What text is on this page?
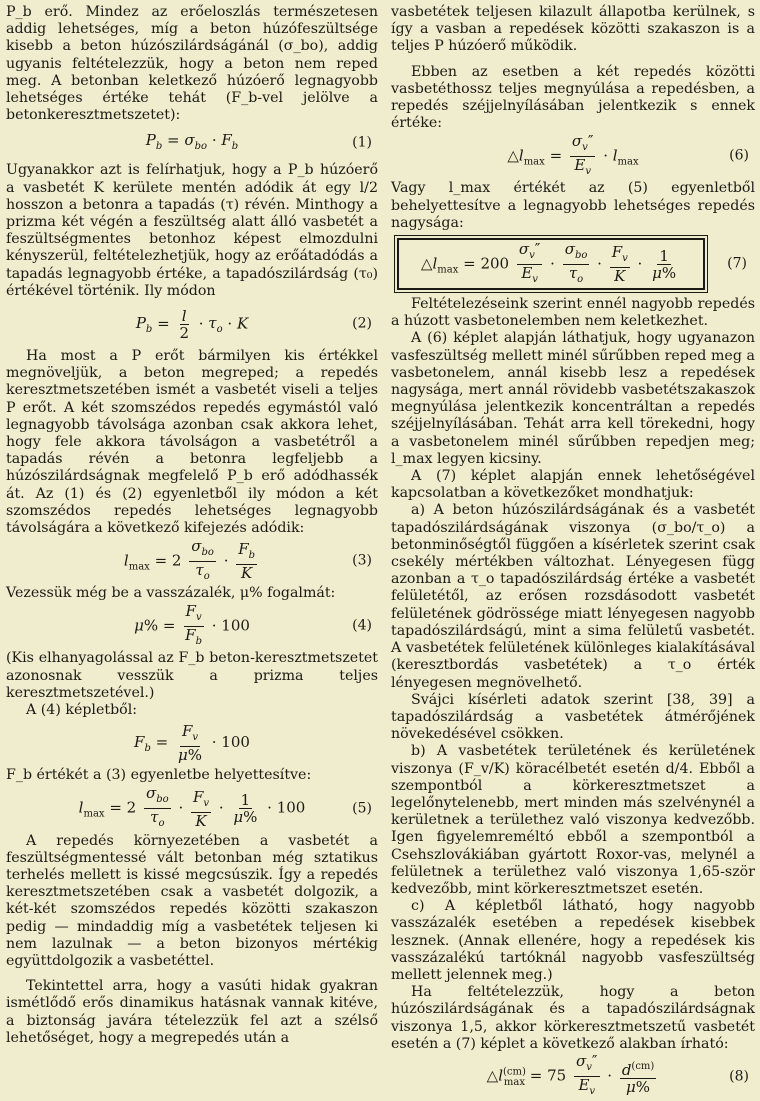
P_b erő. Mindez az erőeloszlás természetesen addig lehetséges, míg a beton húzófeszültsége kisebb a beton húzószilárdságánál (σ_bo), addig ugyanis feltételezzük, hogy a beton nem reped meg. A betonban keletkező húzóerő legnagyobb lehetséges értéke tehát (F_b-vel jelölve a betonkeresztmetszetet):

$P_b = \sigma_{bo} \cdot F_b$	(1)

Ugyanakkor azt is felírhatjuk, hogy a P_b húzóerő a vasbetét K kerülete mentén adódik át egy l/2 hosszon a betonra a tapadás (τ) révén. Minthogy a prizma két végén a feszültség alatt álló vasbetét a feszültségmentes betonhoz képest elmozdulni kényszerül, feltételezhetjük, hogy az erőátadódás a tapadás legnagyobb értéke, a tapadószilárdság (τ₀) értékével történik. Ily módon

$P_b = \frac{l}{2} \cdot \tau_o \cdot K$	(2)

Ha most a P erőt bármilyen kis értékkel megnöveljük, a beton megreped; a repedés keresztmetszetében ismét a vasbetét viseli a teljes P erőt. A két szomszédos repedés egymástól való legnagyobb távolsága azonban csak akkora lehet, hogy fele akkora távolságon a vasbetétről a tapadás révén a betonra legfeljebb a húzószilárdságnak megfelelő P_b erő adódhassék át. Az (1) és (2) egyenletből ily módon a két szomszédos repedés lehetséges legnagyobb távolságára a következő kifejezés adódik:

$l_{max} = 2 \frac{\sigma_{bo}}{\tau_o} \cdot \frac{F_b}{K}$	(3)

Vezessük még be a vasszázalék, μ% fogalmát:

$\mu\% = \frac{F_v}{F_b} \cdot 100$	(4)

(Kis elhanyagolással az F_b beton-keresztmetszetet azonosnak vesszük a prizma teljes keresztmetszetével.)

A (4) képletből:

$F_b = \frac{F_v}{\mu\%} \cdot 100$

F_b értékét a (3) egyenletbe helyettesítve:

$l_{max} = 2 \frac{\sigma_{bo}}{\tau_o} \cdot \frac{F_v}{K} \cdot \frac{1}{\mu\%} \cdot 100$	(5)

A repedés környezetében a vasbetét a feszültségmentessé vált betonban még sztatikus terhelés mellett is kissé megcsúszik. Így a repedés keresztmetszetében csak a vasbetét dolgozik, a két-két szomszédos repedés közötti szakaszon pedig — mindaddig míg a vasbetétek teljesen ki nem lazulnak — a beton bizonyos mértékig együttdolgozik a vasbetéttel.

Tekintettel arra, hogy a vasúti hidak gyakran ismétlődő erős dinamikus hatásnak vannak kitéve, a biztonság javára tételezzük fel azt a szélső lehetőséget, hogy a megrepedés után a

vasbetétek teljesen kilazult állapotba kerülnek, s így a vasban a repedések közötti szakaszon is a teljes P húzóerő működik.

Ebben az esetben a két repedés közötti vasbetéthossz teljes megnyúlása a repedésben, a repedés széjjelnyílásában jelentkezik s ennek értéke:

$\triangle l_{max} = \frac{\sigma_v''}{E_v} \cdot l_{max}$	(6)

Vagy l_max értékét az (5) egyenletből behelyettesítve a legnagyobb lehetséges repedés nagysága:

$\triangle l_{max} = 200 \frac{\sigma_v''}{E_v} \cdot \frac{\sigma_{bo}}{\tau_o} \cdot \frac{F_v}{K} \cdot \frac{1}{\mu\%}$	(7)

Feltételezéseink szerint ennél nagyobb repedés a húzott vasbetonelemben nem keletkezhet.

A (6) képlet alapján láthatjuk, hogy ugyanazon vasfeszültség mellett minél sűrűbben reped meg a vasbetonelem, annál kisebb lesz a repedések nagysága, mert annál rövidebb vasbetétszakaszok megnyúlása jelentkezik koncentráltan a repedés széjjelnyílásában. Tehát arra kell törekedni, hogy a vasbetonelem minél sűrűbben repedjen meg; l_max legyen kicsiny.

A (7) képlet alapján ennek lehetőségével kapcsolatban a következőket mondhatjuk:

a) A beton húzószilárdságának és a vasbetét tapadószilárdságának viszonya (σ_bo/τ_o) a betonminőségtől függően a kísérletek szerint csak csekély mértékben változhat. Lényegesen függ azonban a τ_o tapadószilárdság értéke a vasbetét felületétől, az erősen rozsdásodott vasbetét felületének gödrössége miatt lényegesen nagyobb tapadószilárdságú, mint a sima felületű vasbetét. A vasbetétek felületének különleges kialakításával (keresztbordás vasbetétek) a τ_o érték lényegesen megnövelhető.

Svájci kísérleti adatok szerint [38, 39] a tapadószilárdság a vasbetétek átmérőjének növekedésével csökken.

b) A vasbetétek területének és kerületének viszonya (F_v/K) köracélbetét esetén d/4. Ebből a szempontból a körkeresztmetszet a legelőnytelenebb, mert minden más szelvénynél a kerületnek a területhez való viszonya kedvezőbb. Igen figyelemreméltó ebből a szempontból a Csehszlovákiában gyártott Roxor-vas, melynél a felületnek a területhez való viszonya 1,65-ször kedvezőbb, mint körkeresztmetszet esetén.

c) A képletből látható, hogy nagyobb vasszázalék esetében a repedések kisebbek lesznek. (Annak ellenére, hogy a repedések kis vasszázalékú tartóknál nagyobb vasfeszültség mellett jelennek meg.)

Ha feltételezzük, hogy a beton húzószilárdságának és a tapadószilárdságnak viszonya 1,5, akkor körkeresztmetszetű vasbetét esetén a (7) képlet a következő alakban írható:

$\triangle l^{(cm)}_{max} = 75 \frac{\sigma_v''}{E_v} \cdot \frac{d^{(cm)}}{\mu\%}$	(8)
